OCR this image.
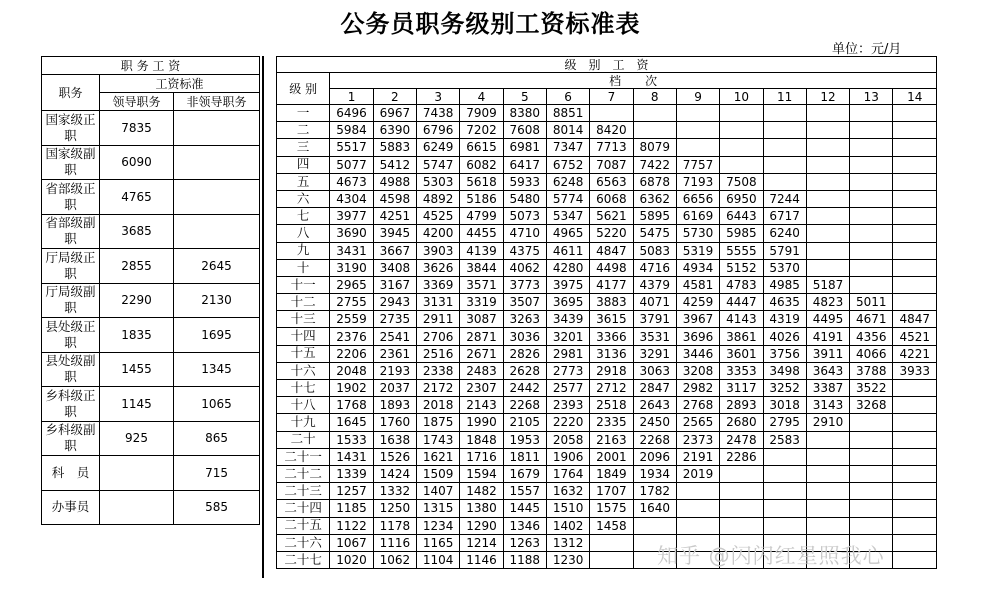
公务员职务级别工资标准表
单位：元/月
职 务 工 资		
职务	工资标准	
	领导职务	非领导职务
国家级正　职	7835	
国家级副　职	6090	
省部级正　职	4765	
省部级副　职	3685	
厅局级正　职	2855	2645
厅局级副　职	2290	2130
县处级正　职	1835	1695
县处级副　职	1455	1345
乡科级正　职	1145	1065
乡科级副　职	925	865
科　员		715
办事员		585
级　别　工　资														
级 别	档　　次													
	1	2	3	4	5	6	7	8	9	10	11	12	13	14
一	6496	6967	7438	7909	8380	8851								
二	5984	6390	6796	7202	7608	8014	8420							
三	5517	5883	6249	6615	6981	7347	7713	8079						
四	5077	5412	5747	6082	6417	6752	7087	7422	7757					
五	4673	4988	5303	5618	5933	6248	6563	6878	7193	7508				
六	4304	4598	4892	5186	5480	5774	6068	6362	6656	6950	7244			
七	3977	4251	4525	4799	5073	5347	5621	5895	6169	6443	6717			
八	3690	3945	4200	4455	4710	4965	5220	5475	5730	5985	6240			
九	3431	3667	3903	4139	4375	4611	4847	5083	5319	5555	5791			
十	3190	3408	3626	3844	4062	4280	4498	4716	4934	5152	5370			
十一	2965	3167	3369	3571	3773	3975	4177	4379	4581	4783	4985	5187		
十二	2755	2943	3131	3319	3507	3695	3883	4071	4259	4447	4635	4823	5011	
十三	2559	2735	2911	3087	3263	3439	3615	3791	3967	4143	4319	4495	4671	4847
十四	2376	2541	2706	2871	3036	3201	3366	3531	3696	3861	4026	4191	4356	4521
十五	2206	2361	2516	2671	2826	2981	3136	3291	3446	3601	3756	3911	4066	4221
十六	2048	2193	2338	2483	2628	2773	2918	3063	3208	3353	3498	3643	3788	3933
十七	1902	2037	2172	2307	2442	2577	2712	2847	2982	3117	3252	3387	3522	
十八	1768	1893	2018	2143	2268	2393	2518	2643	2768	2893	3018	3143	3268	
十九	1645	1760	1875	1990	2105	2220	2335	2450	2565	2680	2795	2910		
二十	1533	1638	1743	1848	1953	2058	2163	2268	2373	2478	2583			
二十一	1431	1526	1621	1716	1811	1906	2001	2096	2191	2286				
二十二	1339	1424	1509	1594	1679	1764	1849	1934	2019					
二十三	1257	1332	1407	1482	1557	1632	1707	1782						
二十四	1185	1250	1315	1380	1445	1510	1575	1640						
二十五	1122	1178	1234	1290	1346	1402	1458							
二十六	1067	1116	1165	1214	1263	1312								
二十七	1020	1062	1104	1146	1188	1230									知乎 @闪闪红星照我心
